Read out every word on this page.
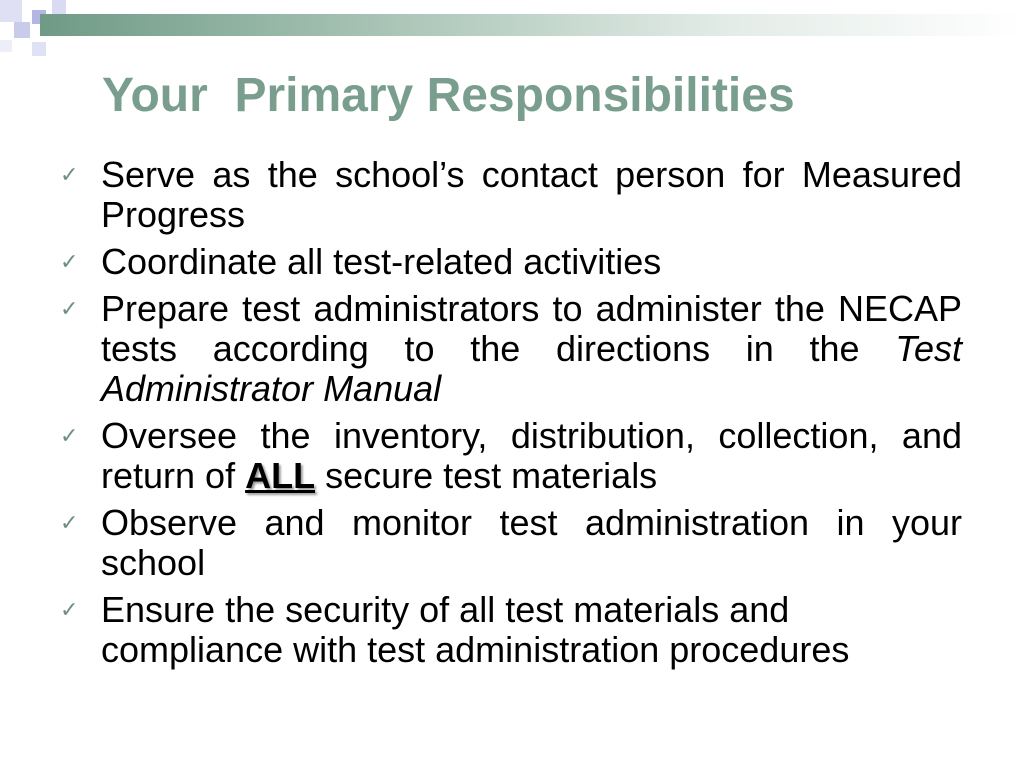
Your  Primary Responsibilities
✓ Serve as the school’s contact person for Measured Progress
✓ Coordinate all test-related activities
✓ Prepare test administrators to administer the NECAP tests according to the directions in the Test Administrator Manual
✓ Oversee the inventory, distribution, collection, and return of ALL secure test materials
✓ Observe and monitor test administration in your school
✓ Ensure the security of all test materials and compliance with test administration procedures
